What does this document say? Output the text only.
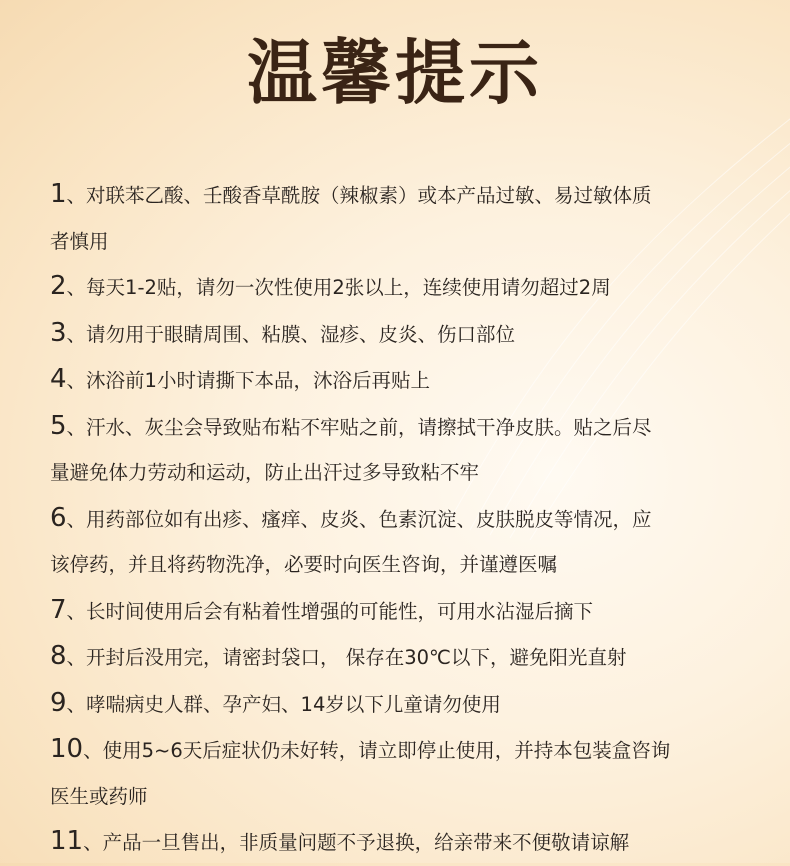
温馨提示
1、对联苯乙酸、壬酸香草酰胺（辣椒素）或本产品过敏、易过敏体质
者慎用
2、每天1-2贴，请勿一次性使用2张以上，连续使用请勿超过2周
3、请勿用于眼睛周围、粘膜、湿疹、皮炎、伤口部位
4、沐浴前1小时请撕下本品，沐浴后再贴上
5、汗水、灰尘会导致贴布粘不牢贴之前，请擦拭干净皮肤。贴之后尽
量避免体力劳动和运动，防止出汗过多导致粘不牢
6、用药部位如有出疹、瘙痒、皮炎、色素沉淀、皮肤脱皮等情况，应
该停药，并且将药物洗净，必要时向医生咨询，并谨遵医嘱
7、长时间使用后会有粘着性增强的可能性，可用水沾湿后摘下
8、开封后没用完，请密封袋口， 保存在30℃以下，避免阳光直射
9、哮喘病史人群、孕产妇、14岁以下儿童请勿使用
10、使用5~6天后症状仍未好转，请立即停止使用，并持本包装盒咨询
医生或药师
11、产品一旦售出，非质量问题不予退换，给亲带来不便敬请谅解
